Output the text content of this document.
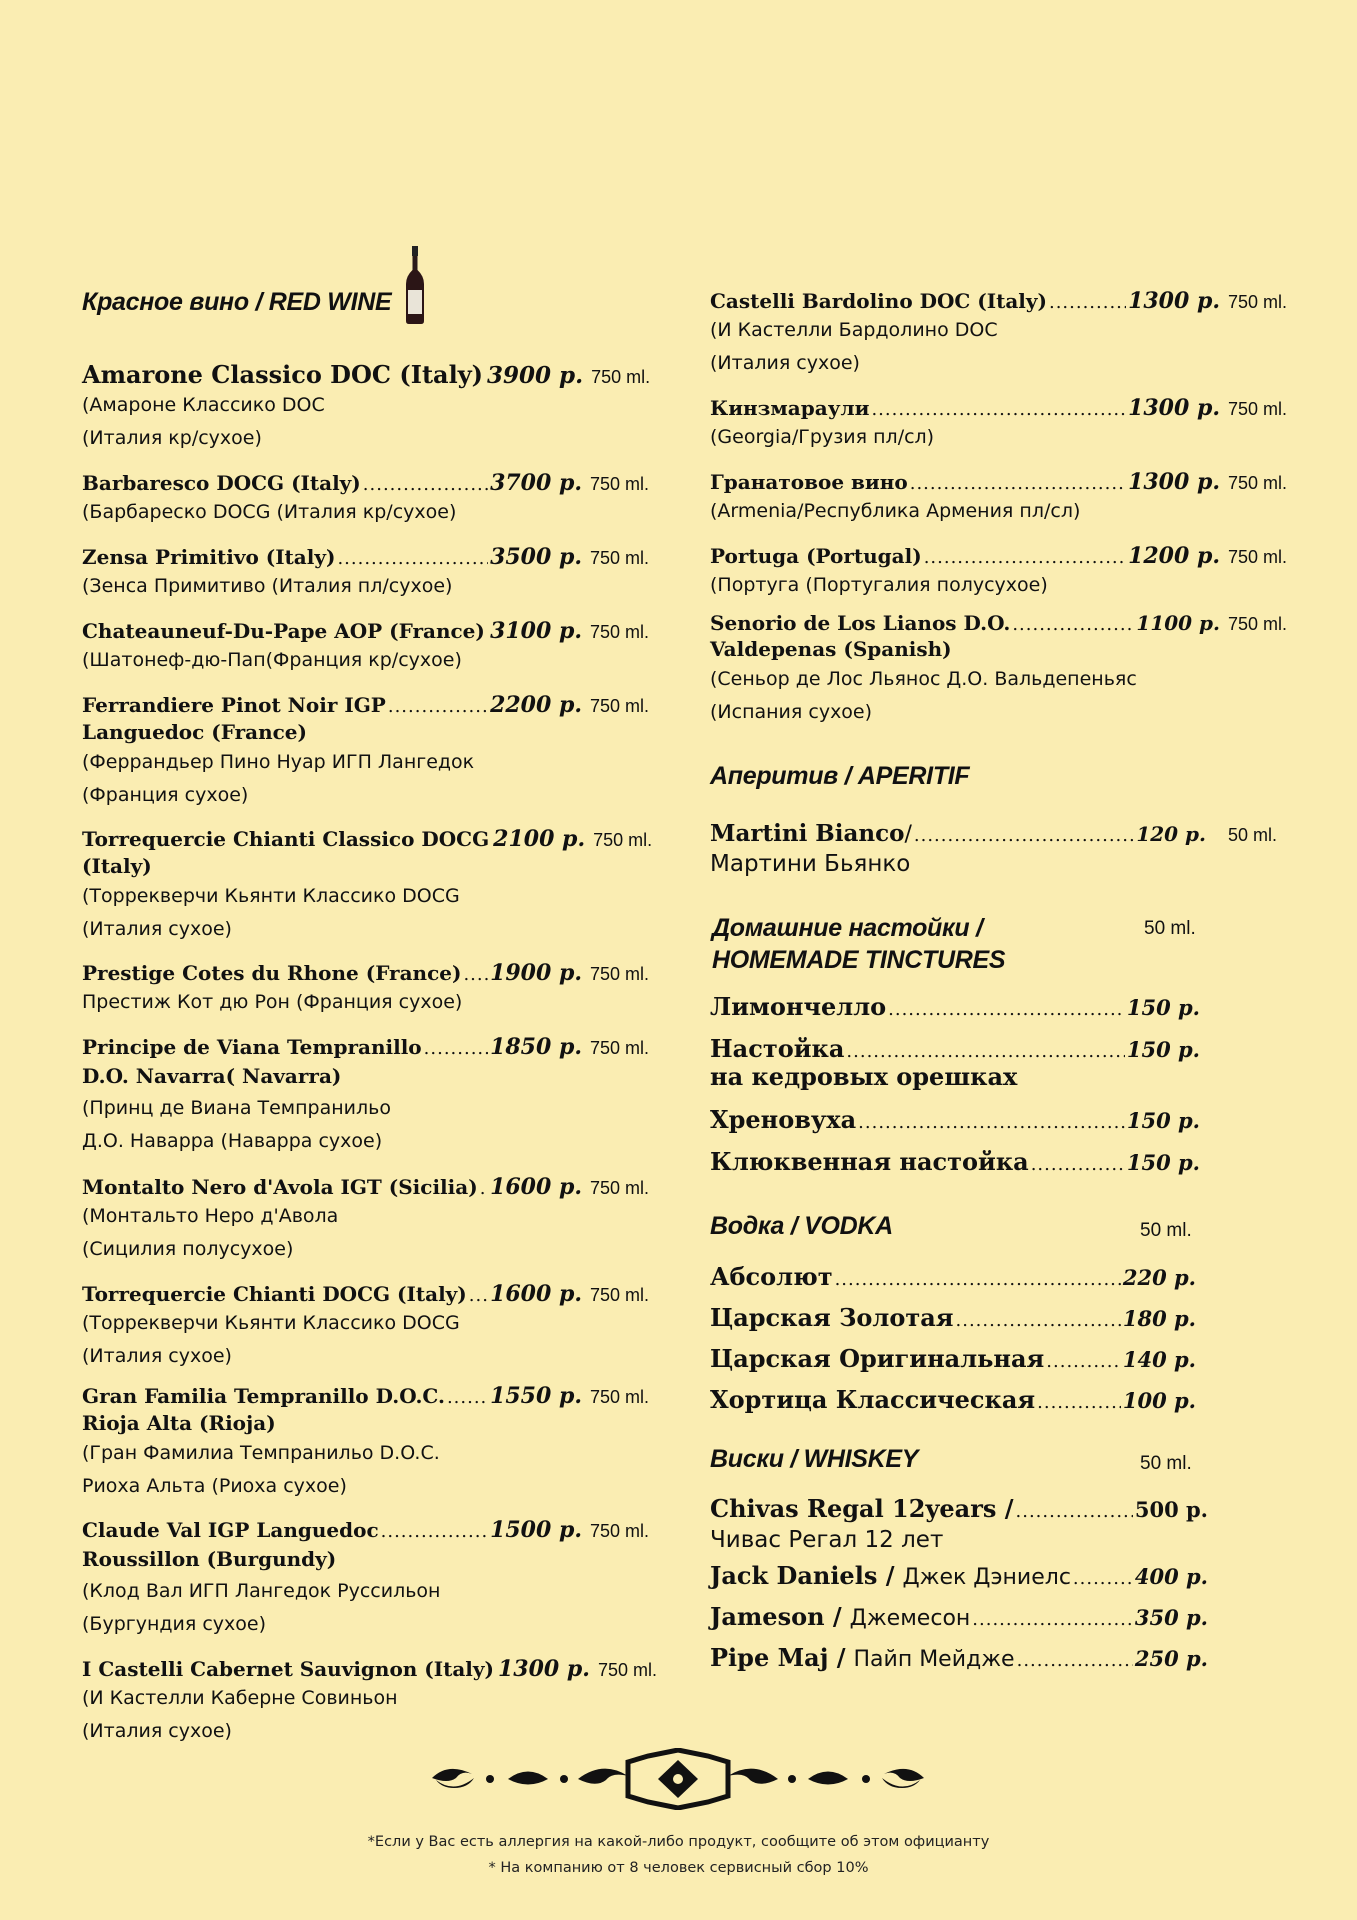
Красное вино / RED WINE
Amarone Classico DOC (Italy) 3900 р. 750 ml.
(Амароне Классико DOC
(Италия кр/сухое)
Barbaresco DOCG (Italy) .....	3700 р. 750 ml.
(Барбареско DOCG (Италия кр/сухое)
Zensa Primitivo (Italy) .....	3500 р. 750 ml.
(Зенса Примитиво (Италия пл/сухое)
Chateauneuf-Du-Pape AOP (France) ..... 3100 р. 750 ml.
(Шатонеф-дю-Пап(Франция кр/сухое)
Ferrandiere Pinot Noir IGP .....	2200 р. 750 ml.
Languedoc (France)
(Феррандьер Пино Нуар ИГП Лангедок
(Франция сухое)
Torrequercie Chianti Classico DOCG 2100 р. 750 ml.
(Italy)
(Торрекверчи Кьянти Классико DOCG
(Италия сухое)
Prestige Cotes du Rhone (France) ..... 1900 р. 750 ml.
Престиж Кот дю Рон (Франция сухое)
Principe de Viana Tempranillo .....	1850 р. 750 ml.
D.O. Navarra( Navarra)
(Принц де Виана Темпранильо
Д.О. Наварра (Наварра сухое)
Montalto Nero d'Avola IGT (Sicilia) ..... 1600 р. 750 ml.
(Монтальто Неро д'Авола
(Сицилия полусухое)
Torrequercie Chianti DOCG (Italy) ..... 1600 р. 750 ml.
(Торрекверчи Кьянти Классико DOCG
(Италия сухое)
Gran Familia Tempranillo D.O.C. ..... 1550 р. 750 ml.
Rioja Alta (Rioja)
(Гран Фамилиа Темпранильо D.O.C.
Риоха Альта (Риоха сухое)
Claude Val IGP Languedoc .....	1500 р. 750 ml.
Roussillon (Burgundy)
(Клод Вал ИГП Лангедок Руссильон
(Бургундия сухое)
I Castelli Cabernet Sauvignon (Italy) 1300 р. 750 ml.
(И Кастелли Каберне Совиньон
(Италия сухое)
Castelli Bardolino DOC (Italy) .....	1300 р. 750 ml.
(И Кастелли Бардолино DOC
(Италия сухое)
Кинзмараули .....	1300 р. 750 ml.
(Georgia/Грузия пл/сл)
Гранатовое вино .....	1300 р. 750 ml.
(Armenia/Республика Армения пл/сл)
Portuga (Portugal) .....	1200 р. 750 ml.
(Португа (Португалия полусухое)
Senorio de Los Lianos D.O. .....	1100 р. 750 ml.
Valdepenas (Spanish)
(Сеньор де Лос Льянос Д.О. Вальдепеньяс
(Испания сухое)
Аперитив / APERITIF
Martini Bianco / .....	120 р. 50 ml.
Мартини Бьянко
Домашние настойки /
HOMEMADE TINCTURES
50 ml.
Лимончелло .....	150 р.
Настойка .....	150 р.
на кедровых орешках
Хреновуха .....	150 р.
Клюквенная настойка .....	150 р.
Водка / VODKA	50 ml.
Абсолют .....	220 р.
Царская Золотая .....	180 р.
Царская Оригинальная .....	140 р.
Хортица Классическая .....	100 р.
Виски / WHISKEY	50 ml.
Chivas Regal 12years / .....	500 р.
Чивас Регал 12 лет
Jack Daniels / Джек Дэниелс .....	400 р.
Jameson / Джемесон .....	350 р.
Pipe Maj / Пайп Мейдже .....	250 р.
*Если у Вас есть аллергия на какой-либо продукт, сообщите об этом официанту
* На компанию от 8 человек сервисный сбор 10%
